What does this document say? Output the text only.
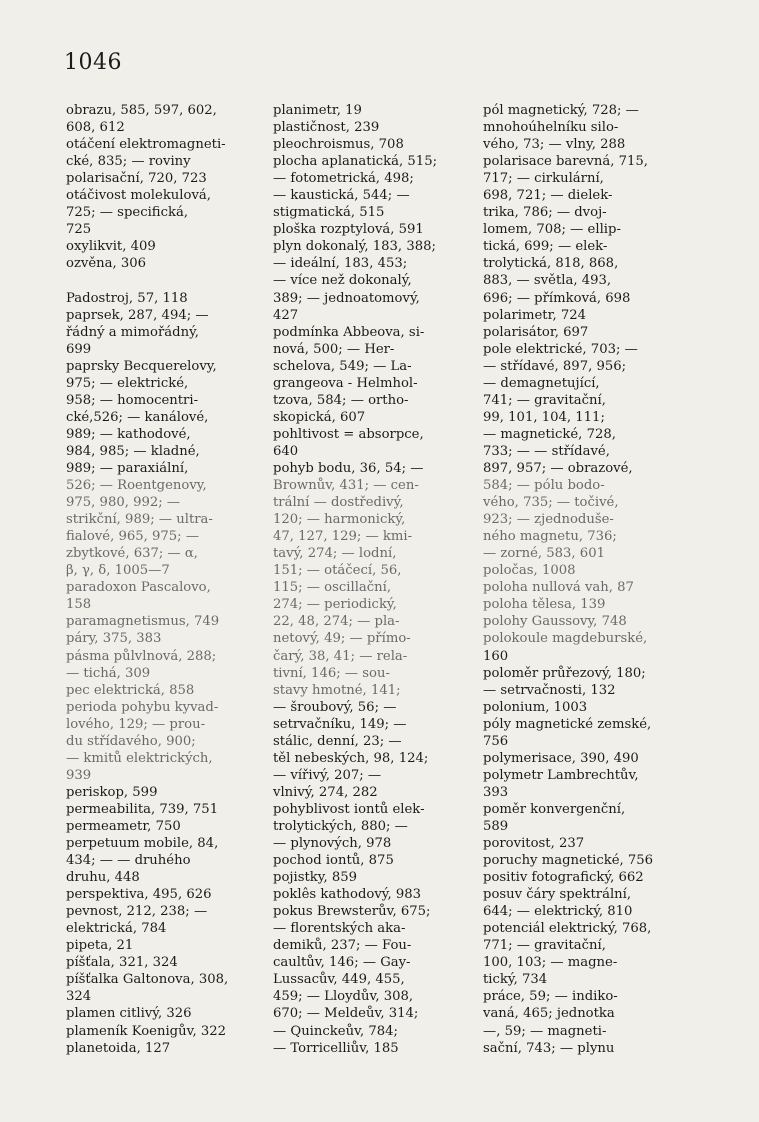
1046
obrazu, 585, 597, 602,
608, 612
otáčení elektromagneti-
cké, 835; — roviny
polarisační, 720, 723
otáčivost molekulová,
725; — specifická,
725
oxylikvit, 409
ozvěna, 306
Padostroj, 57, 118
paprsek, 287, 494; —
řádný a mimořádný,
699
paprsky Becquerelovy,
975; — elektrické,
958; — homocentri-
cké,526; — kanálové,
989; — kathodové,
984, 985; — kladné,
989; — paraxiální,
526; — Roentgenovy,
975, 980, 992; —
strikční, 989; — ultra-
fialové, 965, 975; —
zbytkové, 637; — α,
β, γ, δ, 1005—7
paradoxon Pascalovo,
158
paramagnetismus, 749
páry, 375, 383
pásma půlvlnová, 288;
— tichá, 309
pec elektrická, 858
perioda pohybu kyvad-
lového, 129; — prou-
du střídavého, 900;
— kmitů elektrických,
939
periskop, 599
permeabilita, 739, 751
permeametr, 750
perpetuum mobile, 84,
434; — — druhého
druhu, 448
perspektiva, 495, 626
pevnost, 212, 238; —
elektrická, 784
pipeta, 21
píšťala, 321, 324
píšťalka Galtonova, 308,
324
plamen citlivý, 326
plameník Koenigův, 322
planetoida, 127
planimetr, 19
plastičnost, 239
pleochroismus, 708
plocha aplanatická, 515;
— fotometrická, 498;
— kaustická, 544; —
stigmatická, 515
ploška rozptylová, 591
plyn dokonalý, 183, 388;
— ideální, 183, 453;
— více než dokonalý,
389; — jednoatomový,
427
podmínka Abbeova, si-
nová, 500; — Her-
schelova, 549; — La-
grangeova - Helmhol-
tzova, 584; — ortho-
skopická, 607
pohltivost = absorpce,
640
pohyb bodu, 36, 54; —
Brownův, 431; — cen-
trální — dostředivý,
120; — harmonický,
47, 127, 129; — kmi-
tavý, 274; — lodní,
151; — otáčecí, 56,
115; — oscillační,
274; — periodický,
22, 48, 274; — pla-
netový, 49; — přímo-
čarý, 38, 41; — rela-
tivní, 146; — sou-
stavy hmotné, 141;
— šroubový, 56; —
setrvačníku, 149; —
stálic, denní, 23; —
těl nebeských, 98, 124;
— vířivý, 207; —
vlnivý, 274, 282
pohyblivost iontů elek-
trolytických, 880; —
— plynových, 978
pochod iontů, 875
pojistky, 859
poklês kathodový, 983
pokus Brewsterův, 675;
— florentských aka-
demiků, 237; — Fou-
caultův, 146; — Gay-
Lussacův, 449, 455,
459; — Lloydův, 308,
670; — Meldeův, 314;
— Quinckeův, 784;
— Torricelliův, 185
pól magnetický, 728; —
mnohoúhelníku silo-
vého, 73; — vlny, 288
polarisace barevná, 715,
717; — cirkulární,
698, 721; — dielek-
trika, 786; — dvoj-
lomem, 708; — ellip-
tická, 699; — elek-
trolytická, 818, 868,
883, — světla, 493,
696; — přímková, 698
polarimetr, 724
polarisátor, 697
pole elektrické, 703; —
— střídavé, 897, 956;
— demagnetující,
741; — gravitační,
99, 101, 104, 111;
— magnetické, 728,
733; — — střídavé,
897, 957; — obrazové,
584; — pólu bodo-
vého, 735; — točivé,
923; — zjednoduše-
ného magnetu, 736;
— zorné, 583, 601
poločas, 1008
poloha nullová vah, 87
poloha tělesa, 139
polohy Gaussovy, 748
polokoule magdeburské,
160
poloměr průřezový, 180;
— setrvačnosti, 132
polonium, 1003
póly magnetické zemské,
756
polymerisace, 390, 490
polymetr Lambrechtův,
393
poměr konvergenční,
589
porovitost, 237
poruchy magnetické, 756
positiv fotografický, 662
posuv čáry spektrální,
644; — elektrický, 810
potenciál elektrický, 768,
771; — gravitační,
100, 103; — magne-
tický, 734
práce, 59; — indiko-
vaná, 465; jednotka
—, 59; — magneti-
sační, 743; — plynu
